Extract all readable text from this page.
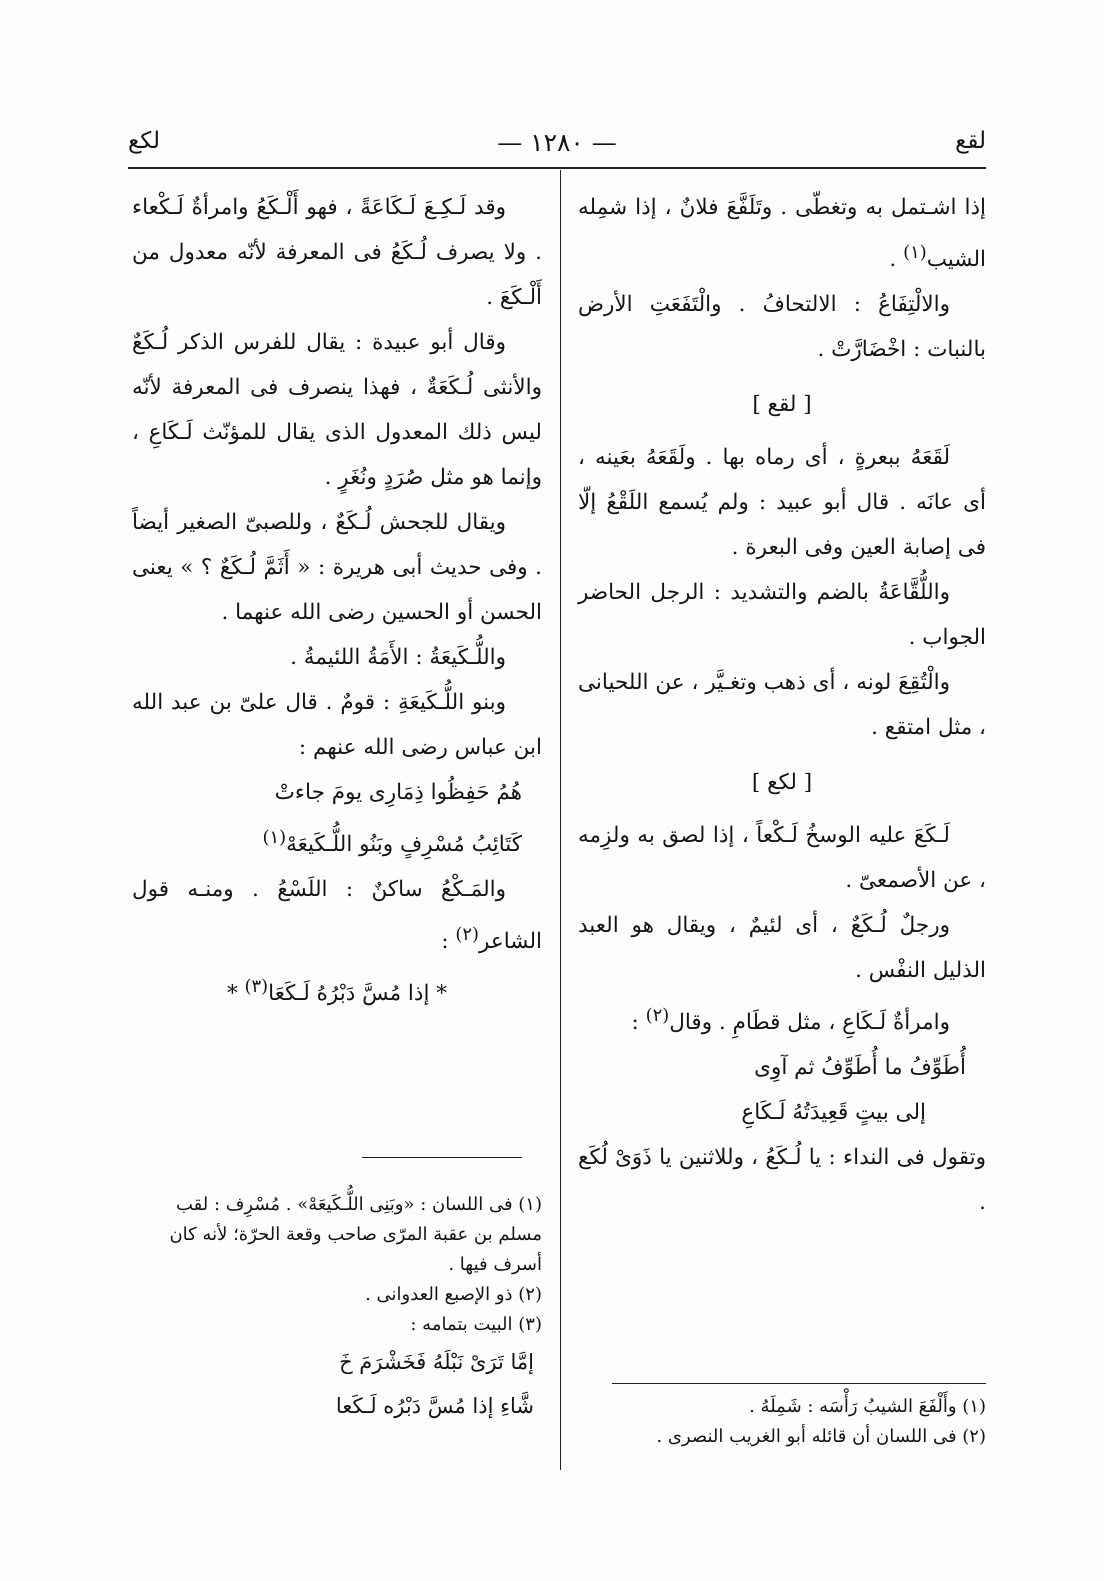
لقع
— ١٢٨٠ —
لكع

إذا اشـتمل به وتغطّى . وتَلَفَّعَ فلانٌ ، إذا شمِله الشيب$^{(١)}$ .

والالْتِفَاعُ : الالتحافُ . والْتَفَعَتِ الأرض بالنبات : اخْضَارَّتْ .

[ لقع ]

لَقَعَهُ ببعرةٍ ، أى رماه بها . ولَقَعَهُ بعَينه ، أى عانَه . قال أبو عبيد : ولم يُسمع اللَقْعُ إلّا فى إصابة العين وفى البعرة .

واللُّقَّاعَةُ بالضم والتشديد : الرجل الحاضر الجواب .

والْتُقِعَ لونه ، أى ذهب وتغـيَّر ، عن اللحيانى ، مثل امتقع .

[ لكع ]

لَـكَعَ عليه الوسخُ لَـكْعاً ، إذا لصق به ولزِمه ، عن الأصمعىّ .

ورجلٌ لُـكَعٌ ، أى لئيمٌ ، ويقال هو العبد الذليل النفْس .

وامرأةٌ لَـكَاعِ ، مثل قطَامِ . وقال$^{(٢)}$ :

أُطَوِّفُ ما أُطَوِّفُ ثم آوِى

إلى بيتٍ قَعِيدَتُهُ لَـكَاعِ

وتقول فى النداء : يا لُـكَعُ ، وللاثنين يا ذَوَىْ لُكَع .

(١) وأَلْفَعَ الشيبُ رَأْسَه : شَمِلَهُ .

(٢) فى اللسان أن قائله أبو الغريب النصرى .

وقد لَـكِـعَ لَـكَاعَةً ، فهو أَلْـكَعُ وامرأةٌ لَـكْعاء . ولا يصرف لُـكَعُ فى المعرفة لأنّه معدول من أَلْـكَعَ .

وقال أبو عبيدة : يقال للفرس الذكر لُـكَعٌ والأنثى لُـكَعَةٌ ، فهذا ينصرف فى المعرفة لأنّه ليس ذلك المعدول الذى يقال للمؤنّث لَـكَاعِ ، وإنما هو مثل صُرَدٍ ونُغَرٍ .

ويقال للجحش لُـكَعٌ ، وللصبىّ الصغير أيضاً . وفى حديث أبى هريرة : « أَثَمَّ لُـكَعٌ ؟ » يعنى الحسن أو الحسين رضى الله عنهما .

واللُّـكَيعَةُ : الأَمَةُ اللئيمةُ .

وبنو اللُّـكَيعَةِ : قومٌ . قال علىّ بن عبد الله ابن عباس رضى الله عنهم :

هُمُ حَفِظُوا ذِمَارِى يومَ جاءتْ

كَتَائِبُ مُسْرِفٍ وبَنُو اللُّـكَيعَهْ$^{(١)}$

والمَـكْعُ ساكنٌ : اللَسْعُ . ومنـه قول الشاعر$^{(٢)}$ :

* إذا مُسَّ دَبْرُهُ لَـكَعَا$^{(٣)}$ *

(١) فى اللسان : «وبَنِى اللُّـكَيعَهْ» . مُسْرِف : لقب مسلم بن عقبة المرّى صاحب وقعة الحرّة؛ لأنه كان أسرف فيها .

(٢) ذو الإصبع العدوانى .

(٣) البيت بتمامه :

إمَّا تَرَىْ نَبْلَهُ فَخَشْرَمَ خَ

شَّاءِ إذا مُسَّ دَبْرُه لَـكَعا
